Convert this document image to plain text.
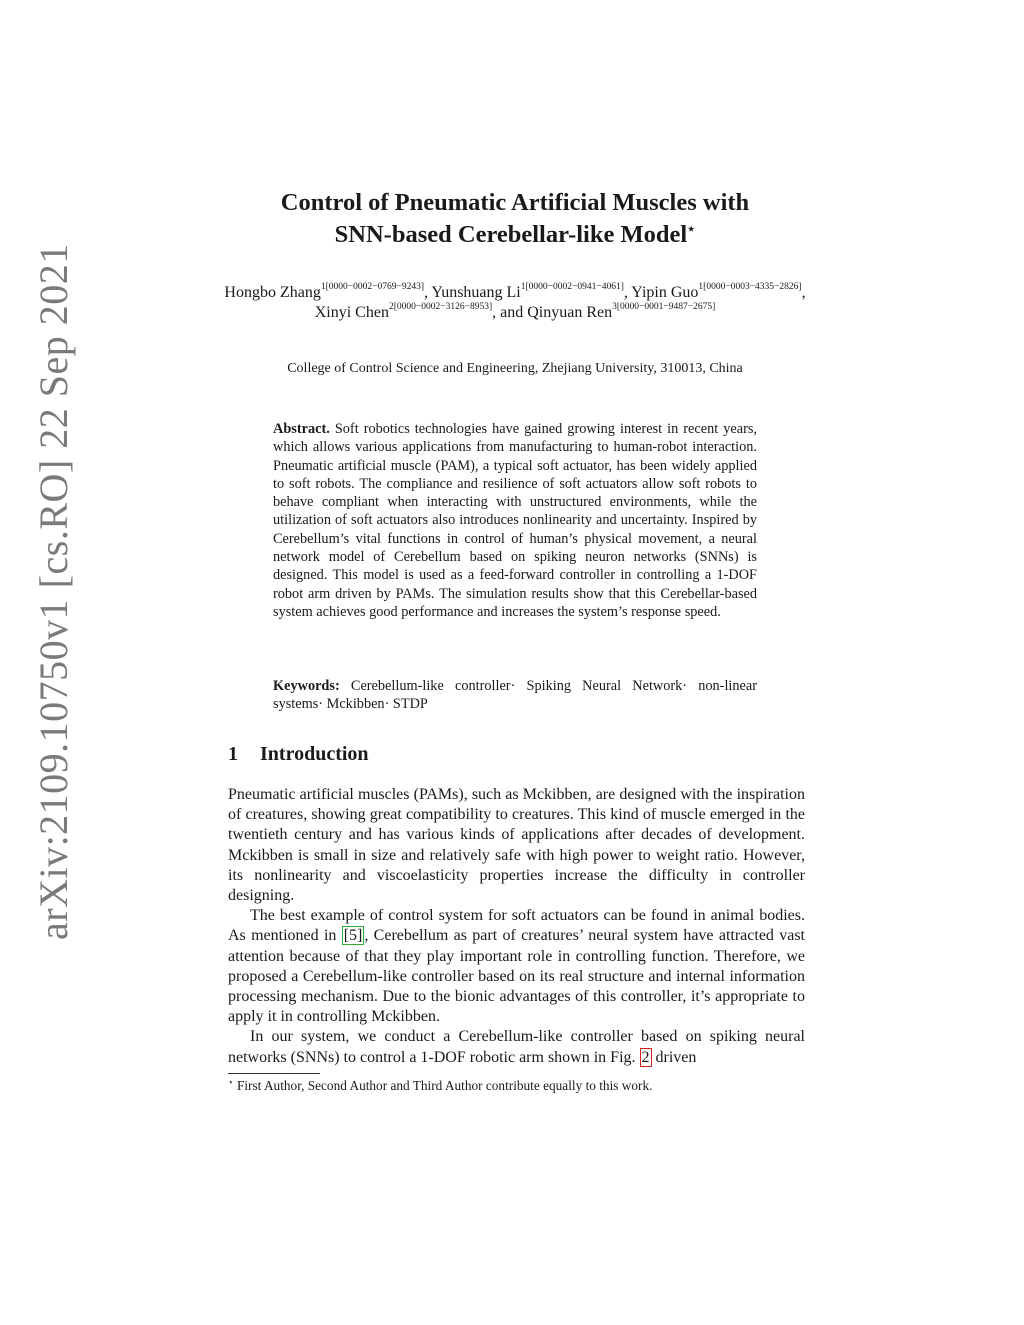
arXiv:2109.10750v1 [cs.RO] 22 Sep 2021
Control of Pneumatic Artificial Muscles with
SNN-based Cerebellar-like Model⋆
Hongbo Zhang$^{1[0000-0002-0769-9243]}$, Yunshuang $Li^{1[0000-0002-0941-4061]}$, Yipin Guo$^{1[0000-0003-4335-2826]}$, Xinyi Chen$^{2[0000-0002-3126-8953]}$, and Qinyuan Ren$^{3[0000-0001-9487-2675]}$
College of Control Science and Engineering, Zhejiang University, 310013, China
Abstract. Soft robotics technologies have gained growing interest in recent years, which allows various applications from manufacturing to human-robot interaction. Pneumatic artificial muscle (PAM), a typical soft actuator, has been widely applied to soft robots. The compliance and resilience of soft actuators allow soft robots to behave compliant when interacting with unstructured environments, while the utilization of soft actuators also introduces nonlinearity and uncertainty. Inspired by Cerebellum’s vital functions in control of human’s physical movement, a neural network model of Cerebellum based on spiking neuron networks (SNNs) is designed. This model is used as a feed-forward controller in controlling a 1-DOF robot arm driven by PAMs. The simulation results show that this Cerebellar-based system achieves good performance and increases the system’s response speed.
Keywords: Cerebellum-like controller· Spiking Neural Network· non-linear systems· Mckibben· STDP
1 Introduction

Pneumatic artificial muscles (PAMs), such as Mckibben, are designed with the inspiration of creatures, showing great compatibility to creatures. This kind of muscle emerged in the twentieth century and has various kinds of applications after decades of development. Mckibben is small in size and relatively safe with high power to weight ratio. However, its nonlinearity and viscoelasticity properties increase the difficulty in controller designing.

The best example of control system for soft actuators can be found in animal bodies. As mentioned in [5] , Cerebellum as part of creatures’ neural system have attracted vast attention because of that they play important role in controlling function. Therefore, we proposed a Cerebellum-like controller based on its real structure and internal information processing mechanism. Due to the bionic advantages of this controller, it’s appropriate to apply it in controlling Mckibben.

In our system, we conduct a Cerebellum-like controller based on spiking neural networks (SNNs) to control a 1-DOF robotic arm shown in Fig. 2 driven

⋆ First Author, Second Author and Third Author contribute equally to this work.
